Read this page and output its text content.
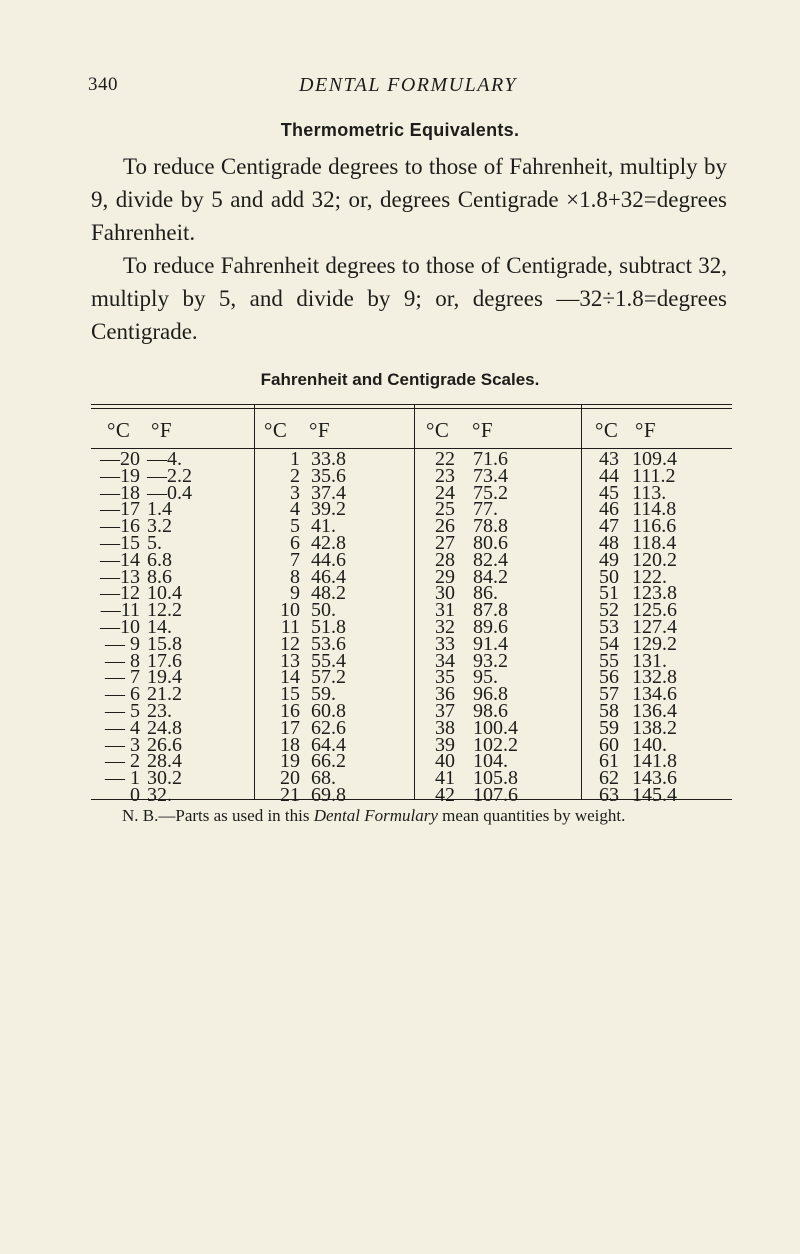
340	DENTAL FORMULARY
Thermometric Equivalents.

To reduce Centigrade degrees to those of Fahrenheit, multiply by 9, divide by 5 and add 32; or, degrees Centigrade ×1.8+32=degrees Fahrenheit.

To reduce Fahrenheit degrees to those of Centigrade, subtract 32, multiply by 5, and divide by 9; or, degrees —32÷1.8=degrees Centigrade.

Fahrenheit and Centigrade Scales.
°C °F
—20 —4.
—19 —2.2
—18 —0.4
—17 1.4
—16 3.2
—15 5.
—14 6.8
—13 8.6
—12 10.4
—11 12.2
—10 14.
— 9 15.8
— 8 17.6
— 7 19.4
— 6 21.2
— 5 23.
— 4 24.8
— 3 26.6
— 2 28.4
— 1 30.2
0 32.
°C °F
1 33.8
2 35.6
3 37.4
4 39.2
5 41.
6 42.8
7 44.6
8 46.4
9 48.2
10 50.
11 51.8
12 53.6
13 55.4
14 57.2
15 59.
16 60.8
17 62.6
18 64.4
19 66.2
20 68.
21 69.8
°C °F
22 71.6
23 73.4
24 75.2
25 77.
26 78.8
27 80.6
28 82.4
29 84.2
30 86.
31 87.8
32 89.6
33 91.4
34 93.2
35 95.
36 96.8
37 98.6
38 100.4
39 102.2
40 104.
41 105.8
42 107.6
°C °F
43 109.4
44 111.2
45 113.
46 114.8
47 116.6
48 118.4
49 120.2
50 122.
51 123.8
52 125.6
53 127.4
54 129.2
55 131.
56 132.8
57 134.6
58 136.4
59 138.2
60 140.
61 141.8
62 143.6
63 145.4

N. B.—Parts as used in this Dental Formulary mean quantities by weight.
